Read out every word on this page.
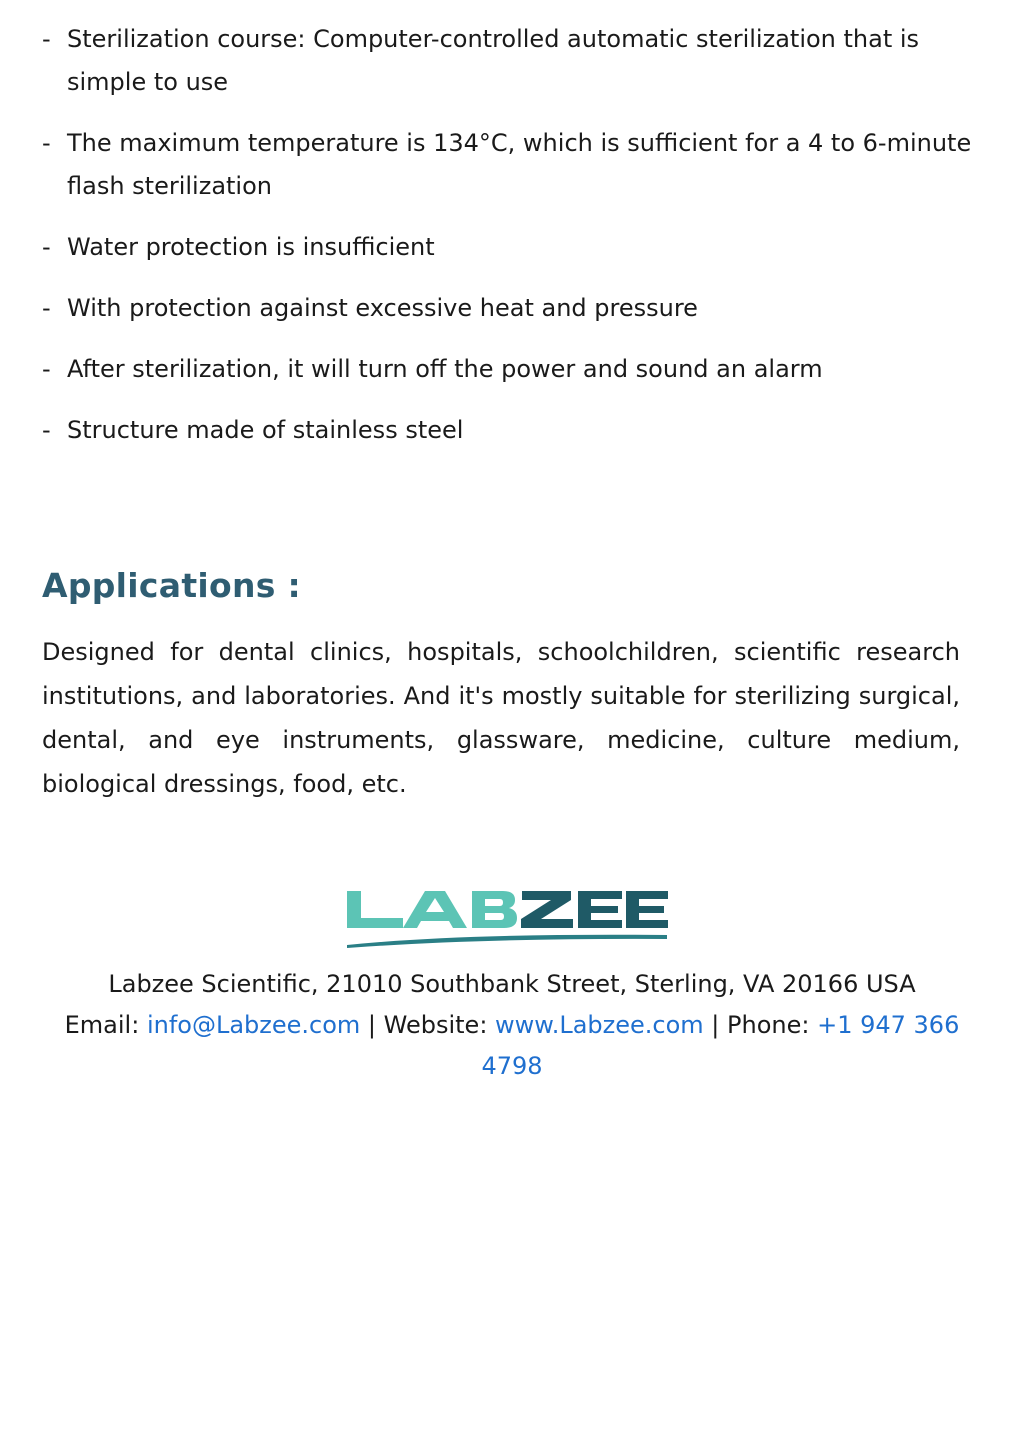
- Sterilization course: Computer-controlled automatic sterilization that is simple to use
- The maximum temperature is 134°C, which is sufficient for a 4 to 6-minute flash sterilization
- Water protection is insufficient
- With protection against excessive heat and pressure
- After sterilization, it will turn off the power and sound an alarm
- Structure made of stainless steel
Applications :

Designed for dental clinics, hospitals, schoolchildren, scientific research institutions, and laboratories. And it's mostly suitable for sterilizing surgical, dental, and eye instruments, glassware, medicine, culture medium, biological dressings, food, etc.

Labzee Scientific, 21010 Southbank Street, Sterling, VA 20166 USA
Email: info@Labzee.com | Website: www.Labzee.com | Phone: +1 947 366 4798
